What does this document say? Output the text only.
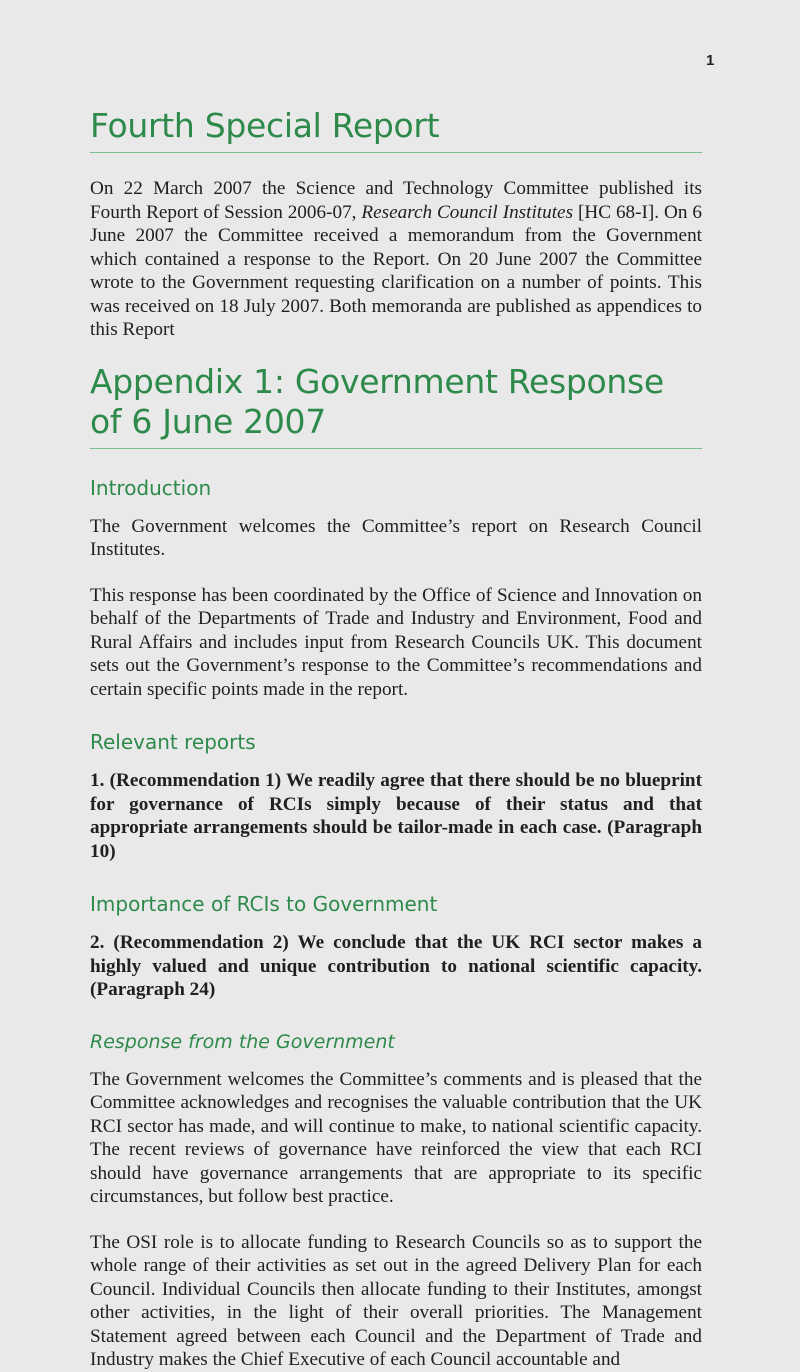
1
Fourth Special Report

On 22 March 2007 the Science and Technology Committee published its Fourth Report of Session 2006-07, Research Council Institutes [HC 68-I]. On 6 June 2007 the Committee received a memorandum from the Government which contained a response to the Report. On 20 June 2007 the Committee wrote to the Government requesting clarification on a number of points. This was received on 18 July 2007. Both memoranda are published as appendices to this Report

Appendix 1: Government Response of 6 June 2007
Introduction

The Government welcomes the Committee’s report on Research Council Institutes.

This response has been coordinated by the Office of Science and Innovation on behalf of the Departments of Trade and Industry and Environment, Food and Rural Affairs and includes input from Research Councils UK. This document sets out the Government’s response to the Committee’s recommendations and certain specific points made in the report.

Relevant reports

1. (Recommendation 1) We readily agree that there should be no blueprint for governance of RCIs simply because of their status and that appropriate arrangements should be tailor-made in each case. (Paragraph 10)

Importance of RCIs to Government

2. (Recommendation 2) We conclude that the UK RCI sector makes a highly valued and unique contribution to national scientific capacity. (Paragraph 24)

Response from the Government

The Government welcomes the Committee’s comments and is pleased that the Committee acknowledges and recognises the valuable contribution that the UK RCI sector has made, and will continue to make, to national scientific capacity. The recent reviews of governance have reinforced the view that each RCI should have governance arrangements that are appropriate to its specific circumstances, but follow best practice.

The OSI role is to allocate funding to Research Councils so as to support the whole range of their activities as set out in the agreed Delivery Plan for each Council. Individual Councils then allocate funding to their Institutes, amongst other activities, in the light of their overall priorities. The Management Statement agreed between each Council and the Department of Trade and Industry makes the Chief Executive of each Council accountable and
